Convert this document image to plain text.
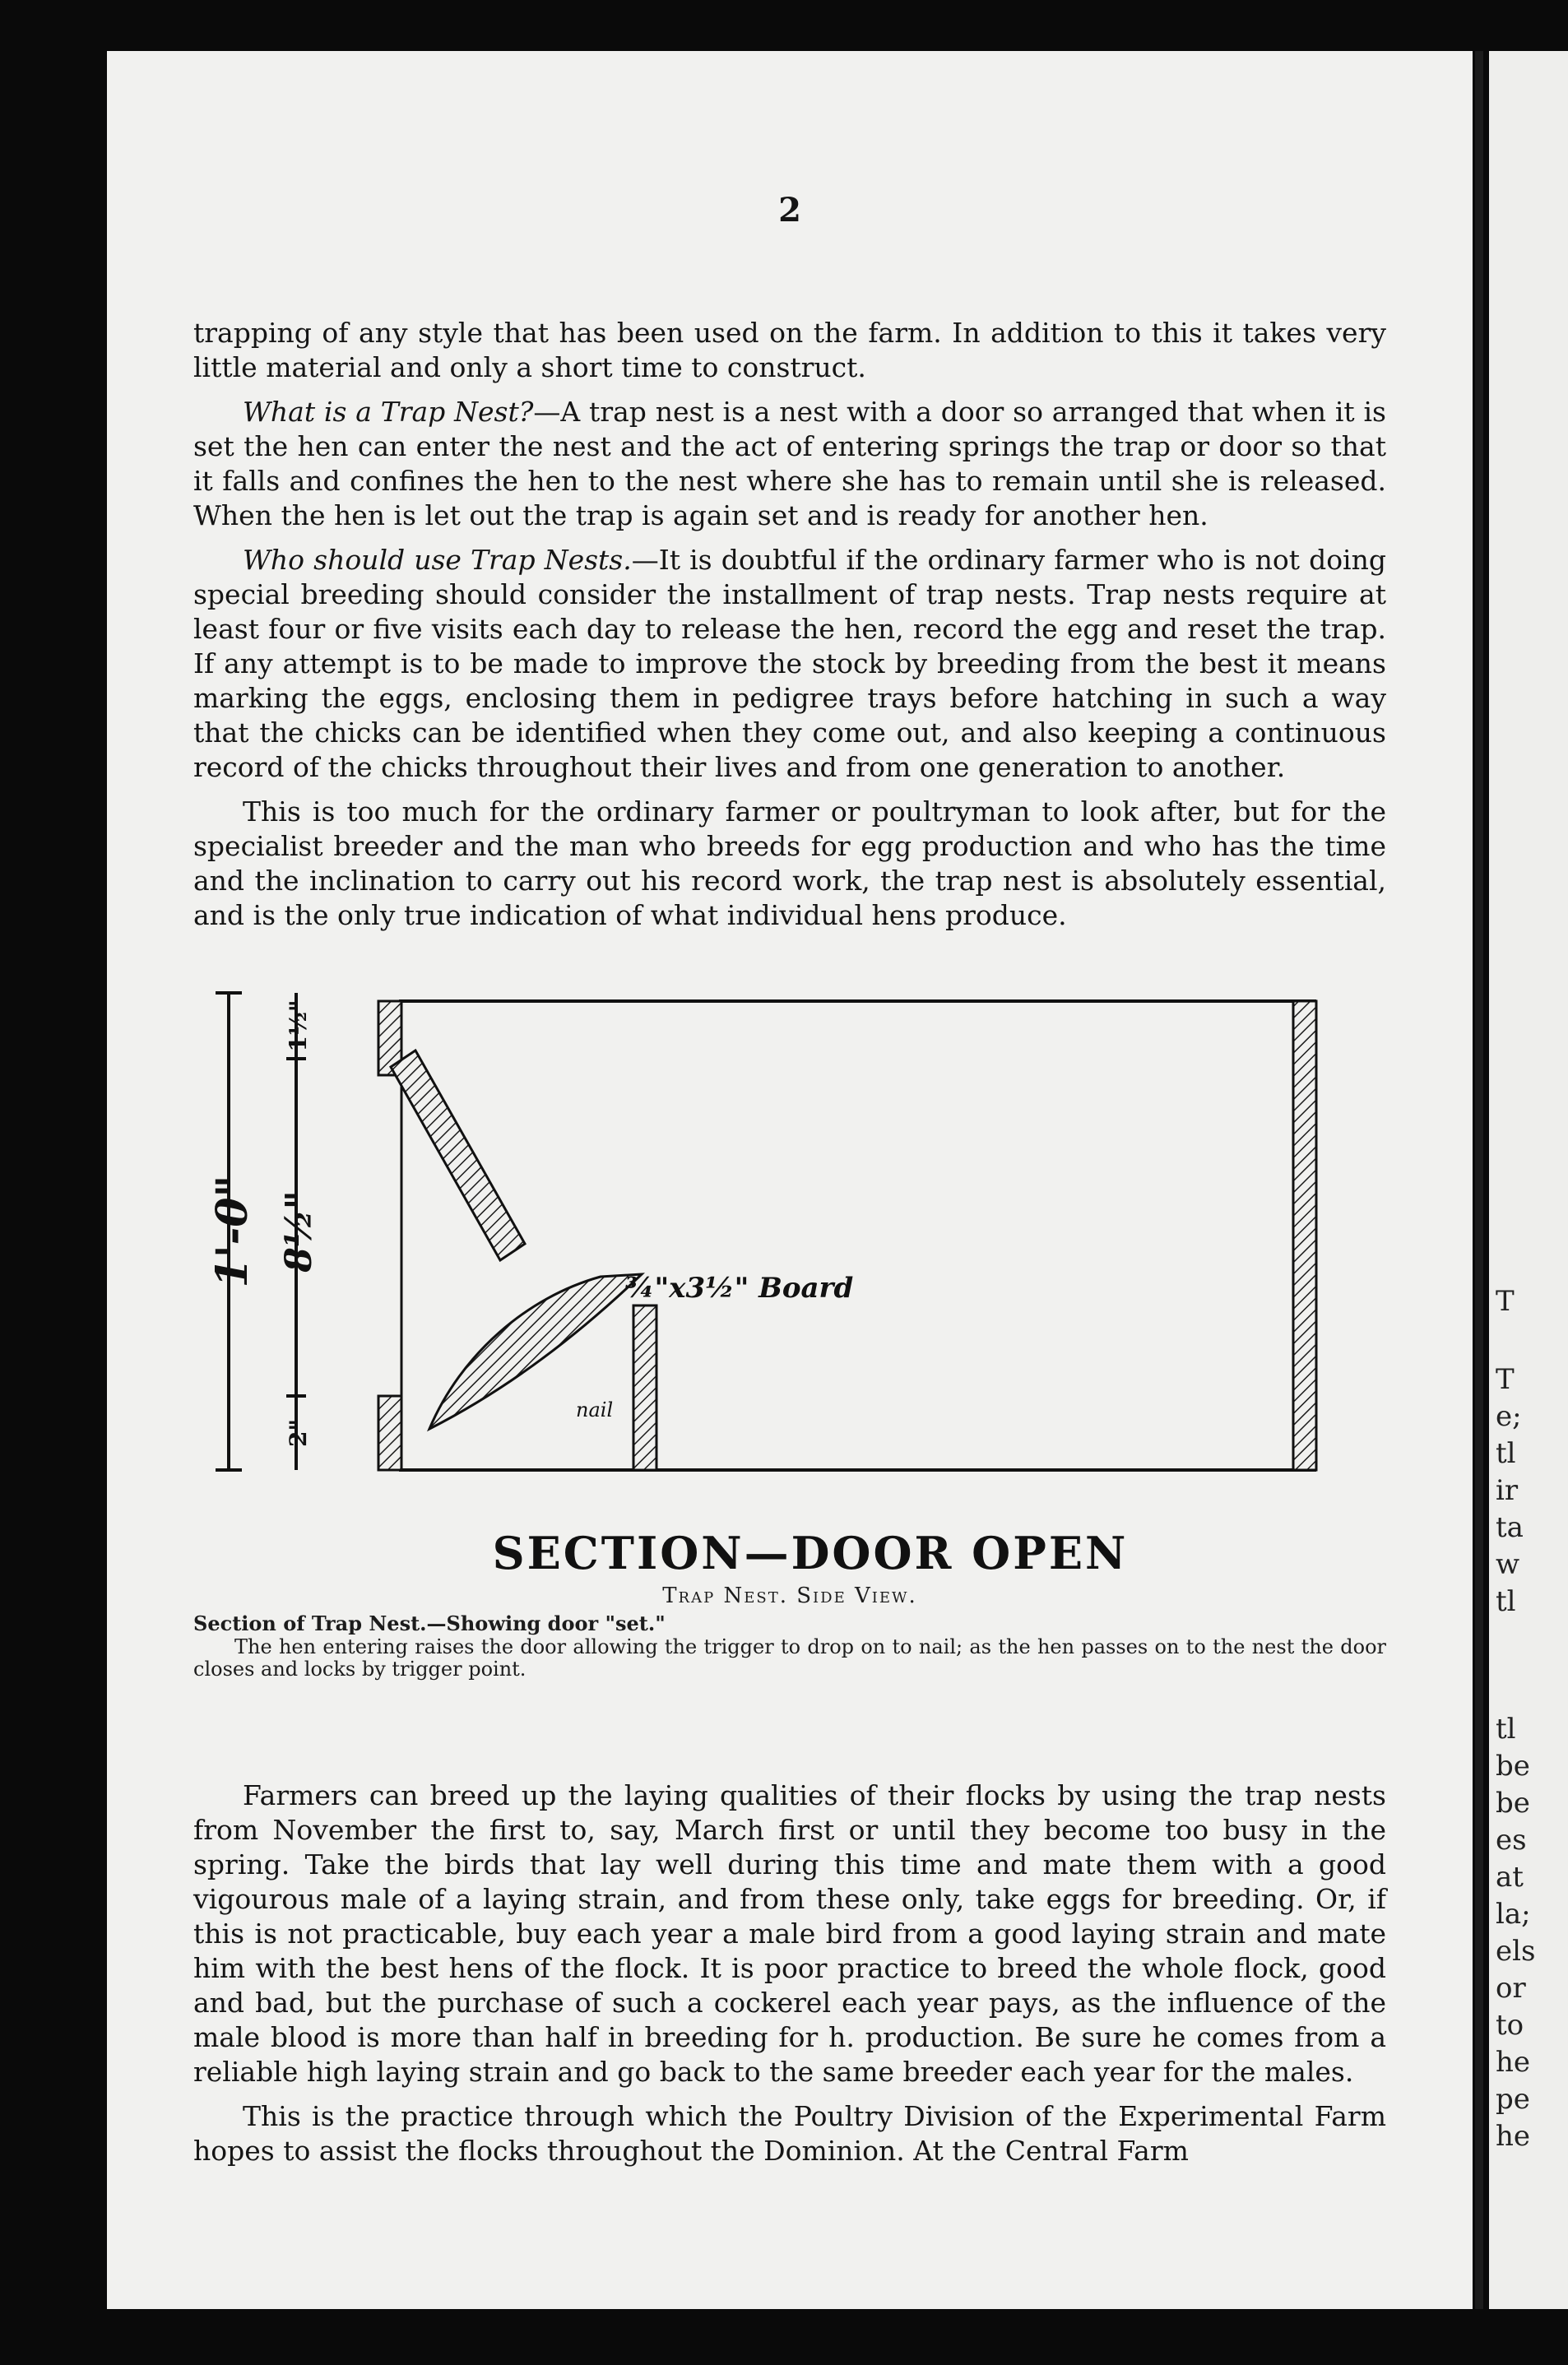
2

trapping of any style that has been used on the farm. In addition to this it takes very little material and only a short time to construct.

What is a Trap Nest?—A trap nest is a nest with a door so arranged that when it is set the hen can enter the nest and the act of entering springs the trap or door so that it falls and confines the hen to the nest where she has to remain until she is released. When the hen is let out the trap is again set and is ready for another hen.

Who should use Trap Nests.—It is doubtful if the ordinary farmer who is not doing special breeding should consider the installment of trap nests. Trap nests require at least four or five visits each day to release the hen, record the egg and reset the trap. If any attempt is to be made to improve the stock by breeding from the best it means marking the eggs, enclosing them in pedigree trays before hatching in such a way that the chicks can be identified when they come out, and also keeping a continuous record of the chicks throughout their lives and from one generation to another.

This is too much for the ordinary farmer or poultryman to look after, but for the specialist breeder and the man who breeds for egg production and who has the time and the inclination to carry out his record work, the trap nest is absolutely essential, and is the only true indication of what individual hens produce.

1'-0"
1½"
8½"
2"
¾"x3½" Board
nail
SECTION—DOOR OPEN
Trap Nest. Side View.
Section of Trap Nest.—Showing door "set."
The hen entering raises the door allowing the trigger to drop on to nail; as the hen passes on to the nest the door closes and locks by trigger point.

Farmers can breed up the laying qualities of their flocks by using the trap nests from November the first to, say, March first or until they become too busy in the spring. Take the birds that lay well during this time and mate them with a good vigourous male of a laying strain, and from these only, take eggs for breeding. Or, if this is not practicable, buy each year a male bird from a good laying strain and mate him with the best hens of the flock. It is poor practice to breed the whole flock, good and bad, but the purchase of such a cockerel each year pays, as the influence of the male blood is more than half in breeding for h. production. Be sure he comes from a reliable high laying strain and go back to the same breeder each year for the males.

This is the practice through which the Poultry Division of the Experimental Farm hopes to assist the flocks throughout the Dominion. At the Central Farm

T
T
e;
tl
ir
ta
w
tl
tl
be
be
es
at
la;
els
or
to
he
pe
he
